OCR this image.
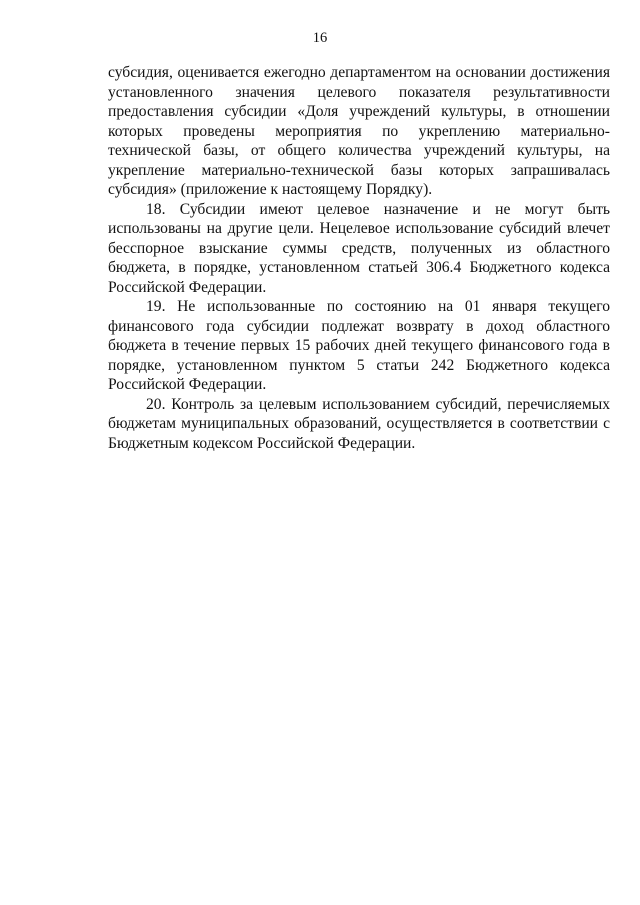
16

субсидия, оценивается ежегодно департаментом на основании достижения установленного значения целевого показателя результативности предоставления субсидии «Доля учреждений культуры, в отношении которых проведены мероприятия по укреплению материально-технической базы, от общего количества учреждений культуры, на укрепление материально-технической базы которых запрашивалась субсидия» (приложение к настоящему Порядку).

18. Субсидии имеют целевое назначение и не могут быть использованы на другие цели. Нецелевое использование субсидий влечет бесспорное взыскание суммы средств, полученных из областного бюджета, в порядке, установленном статьей 306.4 Бюджетного кодекса Российской Федерации.

19. Не использованные по состоянию на 01 января текущего финансового года субсидии подлежат возврату в доход областного бюджета в течение первых 15 рабочих дней текущего финансового года в порядке, установленном пунктом 5 статьи 242 Бюджетного кодекса Российской Федерации.

20. Контроль за целевым использованием субсидий, перечисляемых бюджетам муниципальных образований, осуществляется в соответствии с Бюджетным кодексом Российской Федерации.
